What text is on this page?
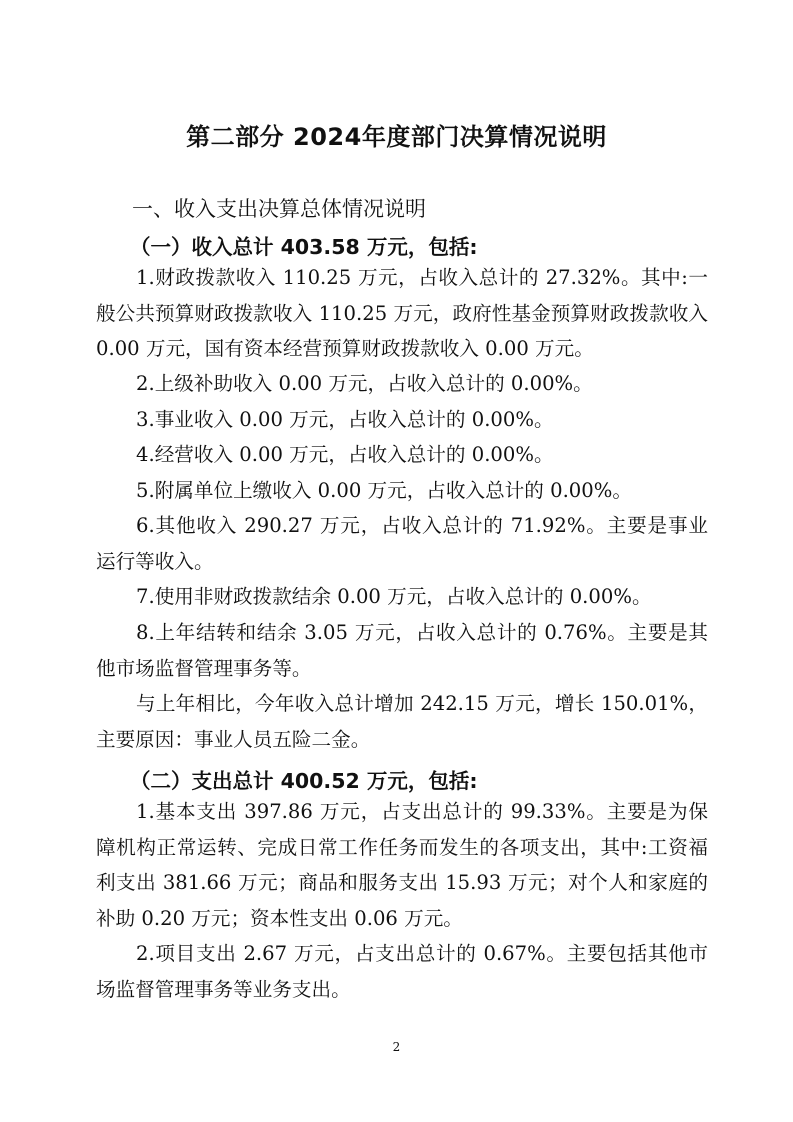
第二部分 2024年度部门决算情况说明
一、收入支出决算总体情况说明
（一）收入总计 403.58 万元，包括:

1.财政拨款收入 110.25 万元，占收入总计的 27.32%。其中:一般公共预算财政拨款收入 110.25 万元，政府性基金预算财政拨款收入 0.00 万元，国有资本经营预算财政拨款收入 0.00 万元。

2.上级补助收入 0.00 万元，占收入总计的 0.00%。

3.事业收入 0.00 万元，占收入总计的 0.00%。

4.经营收入 0.00 万元，占收入总计的 0.00%。

5.附属单位上缴收入 0.00 万元，占收入总计的 0.00%。

6.其他收入 290.27 万元，占收入总计的 71.92%。主要是事业运行等收入。

7.使用非财政拨款结余 0.00 万元，占收入总计的 0.00%。

8.上年结转和结余 3.05 万元，占收入总计的 0.76%。主要是其他市场监督管理事务等。

与上年相比，今年收入总计增加 242.15 万元，增长 150.01%，主要原因：事业人员五险二金。

（二）支出总计 400.52 万元，包括:

1.基本支出 397.86 万元，占支出总计的 99.33%。主要是为保障机构正常运转、完成日常工作任务而发生的各项支出，其中:工资福利支出 381.66 万元；商品和服务支出 15.93 万元；对个人和家庭的补助 0.20 万元；资本性支出 0.06 万元。

2.项目支出 2.67 万元，占支出总计的 0.67%。主要包括其他市场监督管理事务等业务支出。

2
